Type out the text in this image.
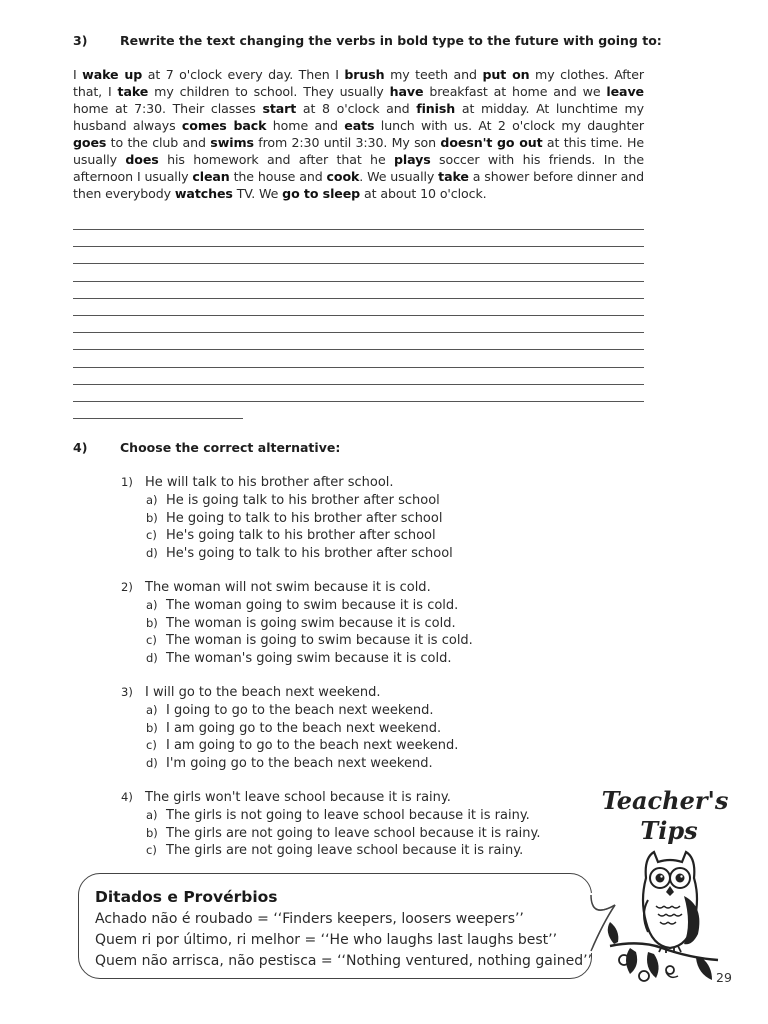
3)	Rewrite the text changing the verbs in bold type to the future with going to:
I wake up at 7 o'clock every day. Then I brush my teeth and put on my clothes. After that, I take my children to school. They usually have breakfast at home and we leave home at 7:30. Their classes start at 8 o'clock and finish at midday. At lunchtime my husband always comes back home and eats lunch with us. At 2 o'clock my daughter goes to the club and swims from 2:30 until 3:30. My son doesn't go out at this time. He usually does his homework and after that he plays soccer with his friends. In the afternoon I usually clean the house and cook. We usually take a shower before dinner and then everybody watches TV. We go to sleep at about 10 o'clock.
4)	Choose the correct alternative:
1) He will talk to his brother after school.
a) He is going talk to his brother after school
b) He going to talk to his brother after school
c) He's going talk to his brother after school
d) He's going to talk to his brother after school
2) The woman will not swim because it is cold.
a) The woman going to swim because it is cold.
b) The woman is going swim because it is cold.
c) The woman is going to swim because it is cold.
d) The woman's going swim because it is cold.
3) I will go to the beach next weekend.
a) I going to go to the beach next weekend.
b) I am going go to the beach next weekend.
c) I am going to go to the beach next weekend.
d) I'm going go to the beach next weekend.
4) The girls won't leave school because it is rainy.
a) The girls is not going to leave school because it is rainy.
b) The girls are not going to leave school because it is rainy.
c) The girls are not going leave school because it is rainy.
Teacher's
Tips
Ditados e Provérbios
Achado não é roubado = ‘‘Finders keepers, loosers weepers’’
Quem ri por último, ri melhor = ‘‘He who laughs last laughs best’’
Quem não arrisca, não pestisca = ‘‘Nothing ventured, nothing gained’’
29
